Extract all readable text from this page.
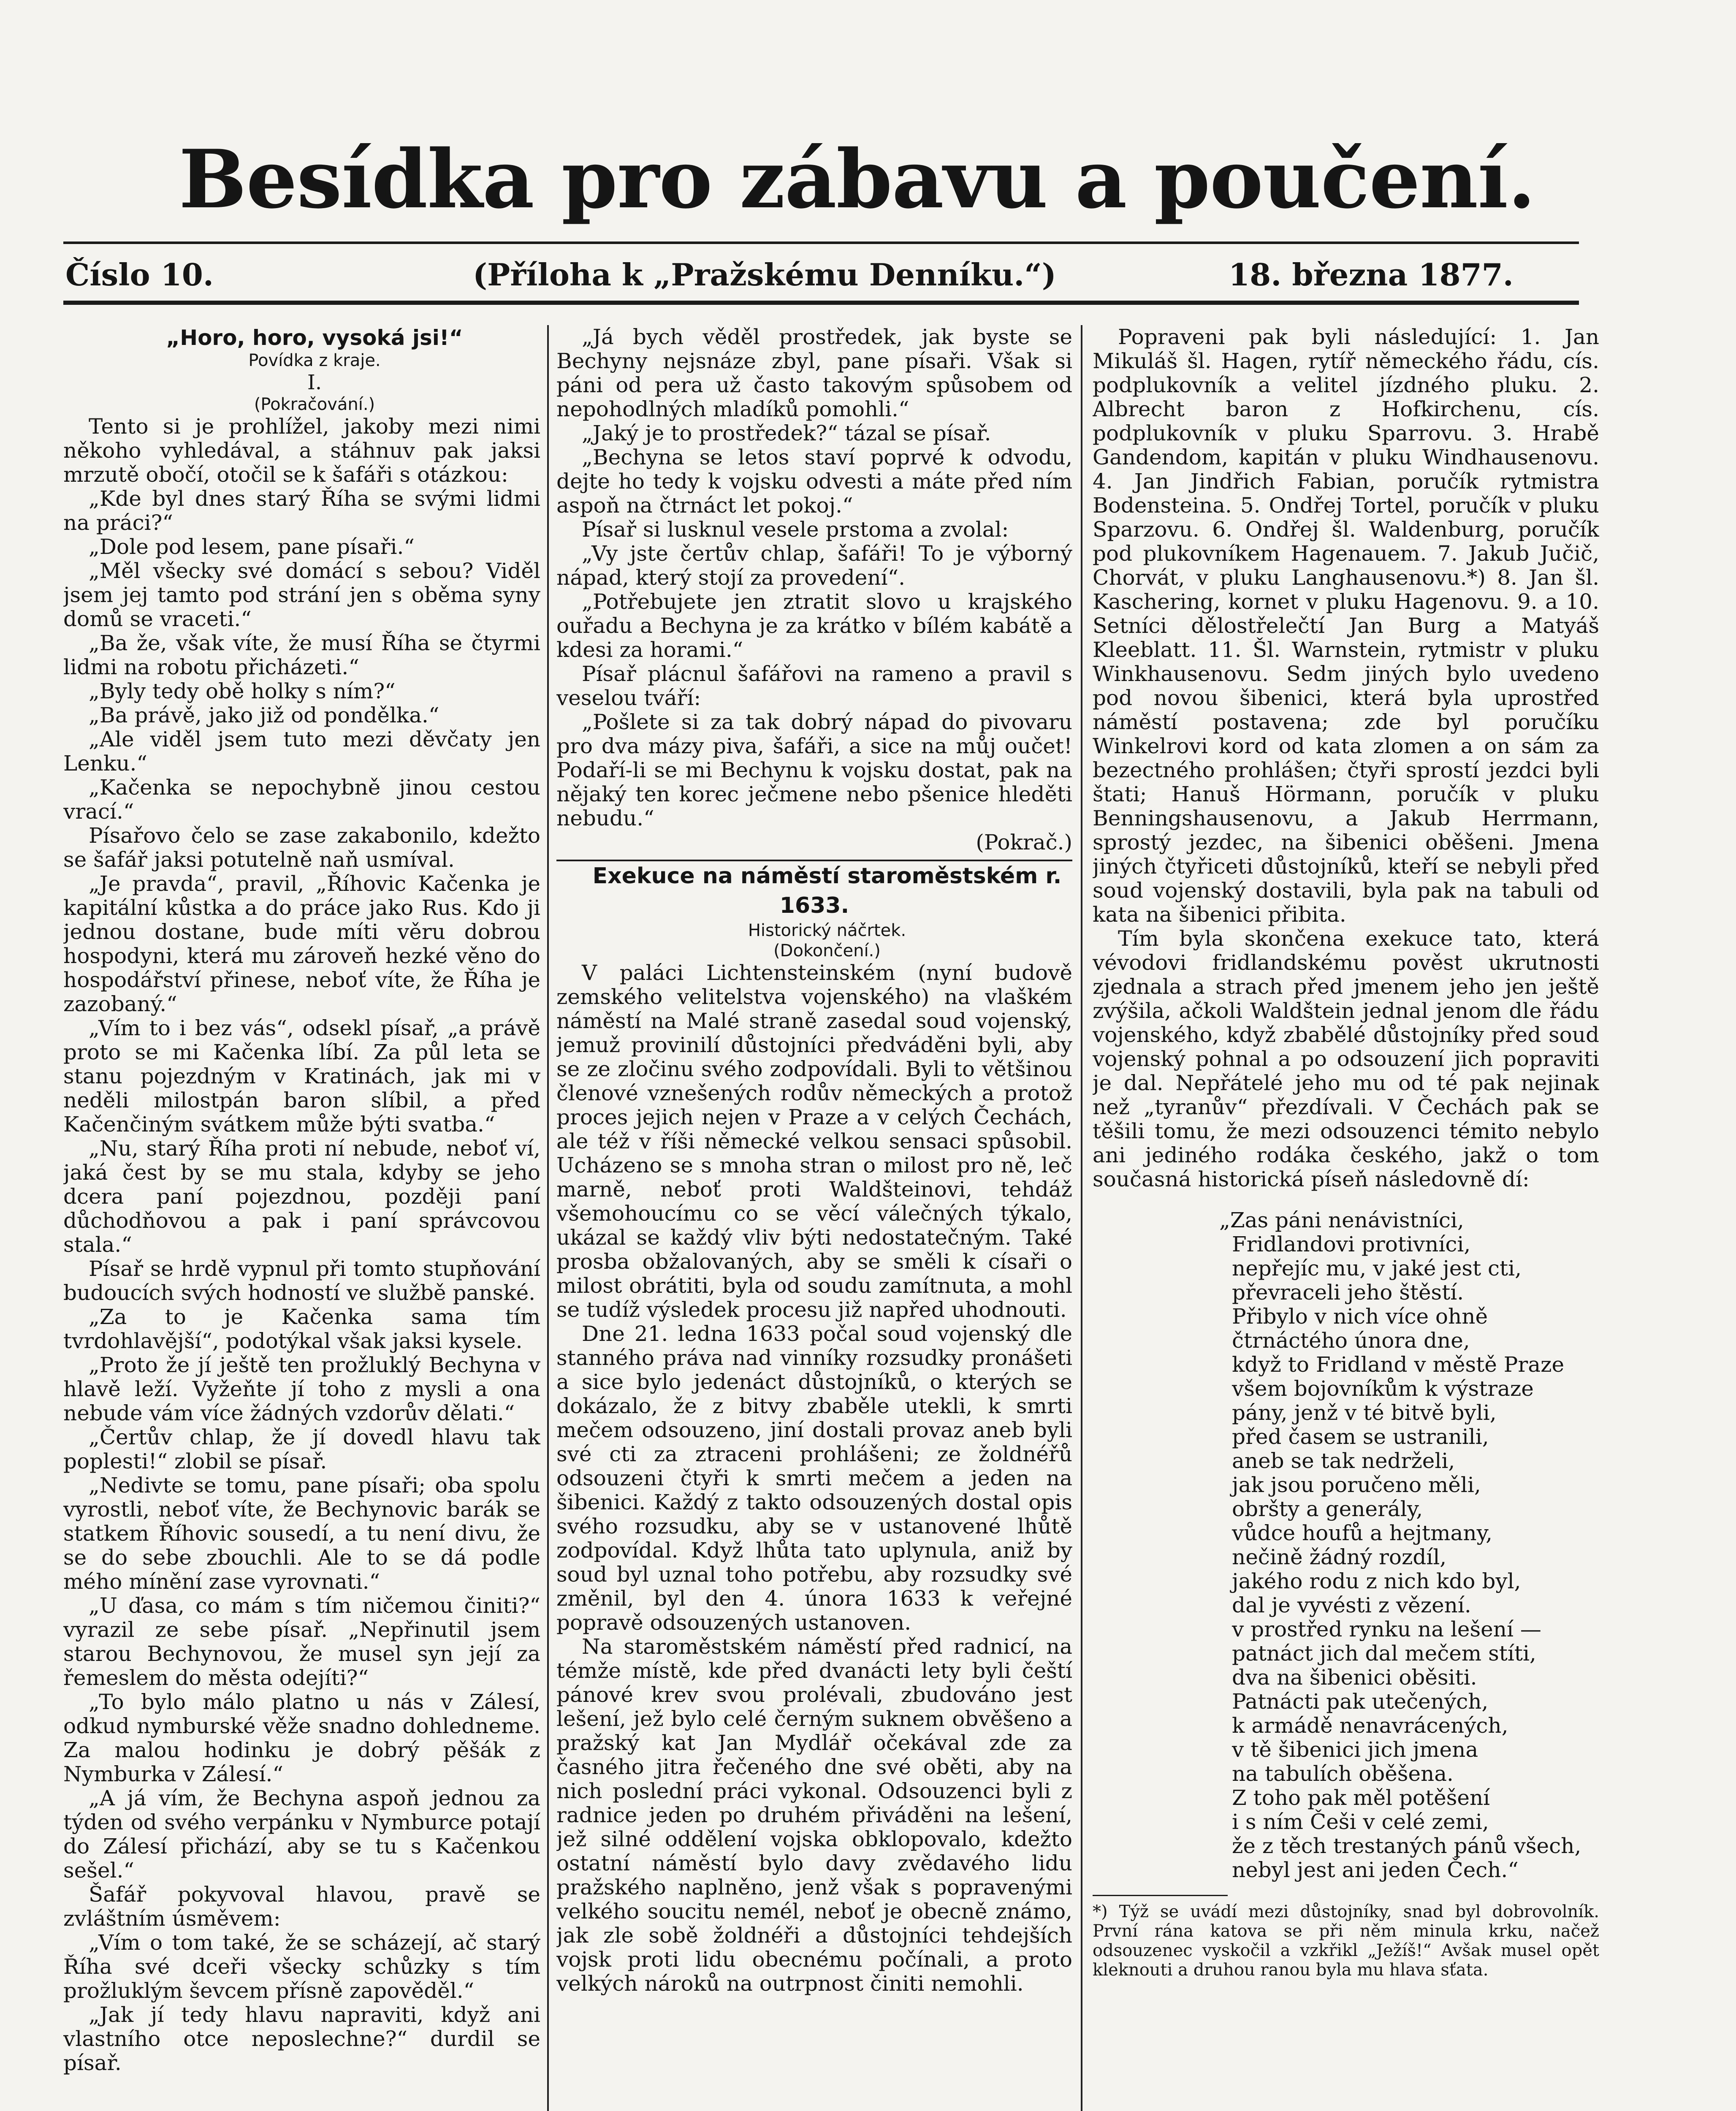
Besídka pro zábavu a poučení.
Číslo 10.	(Příloha k „Pražskému Denníku.“)	18. března 1877.

„Horo, horo, vysoká jsi!“

Povídka z kraje.

I.

(Pokračování.)

Tento si je prohlížel, jakoby mezi nimi někoho vyhledával, a stáhnuv pak jaksi mrzutě obočí, otočil se k šafáři s otázkou:

„Kde byl dnes starý Říha se svými lidmi na práci?“

„Dole pod lesem, pane písaři.“

„Měl všecky své domácí s sebou? Viděl jsem jej tamto pod strání jen s oběma syny domů se vraceti.“

„Ba že, však víte, že musí Říha se čtyrmi lidmi na robotu přicházeti.“

„Byly tedy obě holky s ním?“

„Ba právě, jako již od pondělka.“

„Ale viděl jsem tuto mezi děvčaty jen Lenku.“

„Kačenka se nepochybně jinou cestou vrací.“

Písařovo čelo se zase zakabonilo, kdežto se šafář jaksi potutelně naň usmíval.

„Je pravda“, pravil, „Říhovic Kačenka je kapitální kůstka a do práce jako Rus. Kdo ji jednou dostane, bude míti věru dobrou hospodyni, která mu zároveň hezké věno do hospodářství přinese, neboť víte, že Říha je zazobaný.“

„Vím to i bez vás“, odsekl písař, „a právě proto se mi Kačenka líbí. Za půl leta se stanu pojezdným v Kratinách, jak mi v neděli milostpán baron slíbil, a před Kačenčiným svátkem může býti svatba.“

„Nu, starý Říha proti ní nebude, neboť ví, jaká čest by se mu stala, kdyby se jeho dcera paní pojezdnou, později paní důchodňovou a pak i paní správcovou stala.“

Písař se hrdě vypnul při tomto stupňování budoucích svých hodností ve službě panské.

„Za to je Kačenka sama tím tvrdohlavější“, podotýkal však jaksi kysele.

„Proto že jí ještě ten prožluklý Bechyna v hlavě leží. Vyžeňte jí toho z mysli a ona nebude vám více žádných vzdorův dělati.“

„Čertův chlap, že jí dovedl hlavu tak poplesti!“ zlobil se písař.

„Nedivte se tomu, pane písaři; oba spolu vyrostli, neboť víte, že Bechynovic barák se statkem Říhovic sousedí, a tu není divu, že se do sebe zbouchli. Ale to se dá podle mého mínění zase vyrovnati.“

„U ďasa, co mám s tím ničemou činiti?“ vyrazil ze sebe písař. „Nepřinutil jsem starou Bechynovou, že musel syn její za řemeslem do města odejíti?“

„To bylo málo platno u nás v Zálesí, odkud nymburské věže snadno dohledneme. Za malou hodinku je dobrý pěšák z Nymburka v Zálesí.“

„A já vím, že Bechyna aspoň jednou za týden od svého verpánku v Nymburce potají do Zálesí přichází, aby se tu s Kačenkou sešel.“

Šafář pokyvoval hlavou, pravě se zvláštním úsměvem:

„Vím o tom také, že se scházejí, ač starý Říha své dceři všecky schůzky s tím prožluklým ševcem přísně zapověděl.“

„Jak jí tedy hlavu napraviti, když ani vlastního otce neposlechne?“ durdil se písař.

„Já bych věděl prostředek, jak byste se Bechyny nejsnáze zbyl, pane písaři. Však si páni od pera už často takovým spůsobem od nepohodlných mladíků pomohli.“

„Jaký je to prostředek?“ tázal se písař.

„Bechyna se letos staví poprvé k odvodu, dejte ho tedy k vojsku odvesti a máte před ním aspoň na čtrnáct let pokoj.“

Písař si lusknul vesele prstoma a zvolal:

„Vy jste čertův chlap, šafáři! To je výborný nápad, který stojí za provedení“.

„Potřebujete jen ztratit slovo u krajského ouřadu a Bechyna je za krátko v bílém kabátě a kdesi za horami.“

Písař plácnul šafářovi na rameno a pravil s veselou tváří:

„Pošlete si za tak dobrý nápad do pivovaru pro dva mázy piva, šafáři, a sice na můj oučet! Podaří-li se mi Bechynu k vojsku dostat, pak na nějaký ten korec ječmene nebo pšenice hleděti nebudu.“

(Pokrač.)

Exekuce na náměstí staroměstském r. 1633.

Historický náčrtek.

(Dokončení.)

V paláci Lichtensteinském (nyní budově zemského velitelstva vojenského) na vlaškém náměstí na Malé straně zasedal soud vojenský, jemuž provinilí důstojníci předváděni byli, aby se ze zločinu svého zodpovídali. Byli to většinou členové vznešených rodův německých a protož proces jejich nejen v Praze a v celých Čechách, ale též v říši německé velkou sensaci spůsobil. Ucházeno se s mnoha stran o milost pro ně, leč marně, neboť proti Waldšteinovi, tehdáž všemohoucímu co se věcí válečných týkalo, ukázal se každý vliv býti nedostatečným. Také prosba obžalovaných, aby se směli k císaři o milost obrátiti, byla od soudu zamítnuta, a mohl se tudíž výsledek procesu již napřed uhodnouti.

Dne 21. ledna 1633 počal soud vojenský dle stanného práva nad vinníky rozsudky pronášeti a sice bylo jedenáct důstojníků, o kterých se dokázalo, že z bitvy zbaběle utekli, k smrti mečem odsouzeno, jiní dostali provaz aneb byli své cti za ztraceni prohlášeni; ze žoldnéřů odsouzeni čtyři k smrti mečem a jeden na šibenici. Každý z takto odsouzených dostal opis svého rozsudku, aby se v ustanovené lhůtě zodpovídal. Když lhůta tato uplynula, aniž by soud byl uznal toho potřebu, aby rozsudky své změnil, byl den 4. února 1633 k veřejné popravě odsouzených ustanoven.

Na staroměstském náměstí před radnicí, na témže místě, kde před dvanácti lety byli čeští pánové krev svou prolévali, zbudováno jest lešení, jež bylo celé černým suknem obvěšeno a pražský kat Jan Mydlář očekával zde za časného jitra řečeného dne své oběti, aby na nich poslední práci vykonal. Odsouzenci byli z radnice jeden po druhém přiváděni na lešení, jež silné oddělení vojska obklopovalo, kdežto ostatní náměstí bylo davy zvědavého lidu pražského naplněno, jenž však s popravenými velkého soucitu nemél, neboť je obecně známo, jak zle sobě žoldnéři a důstojníci tehdejších vojsk proti lidu obecnému počínali, a proto velkých nároků na outrpnost činiti nemohli.

Popraveni pak byli následující: 1. Jan Mikuláš šl. Hagen, rytíř německého řádu, cís. podplukovník a velitel jízdného pluku. 2. Albrecht baron z Hofkirchenu, cís. podplukovník v pluku Sparrovu. 3. Hrabě Gandendom, kapitán v pluku Windhausenovu. 4. Jan Jindřich Fabian, poručík rytmistra Bodensteina. 5. Ondřej Tortel, poručík v pluku Sparzovu. 6. Ondřej šl. Waldenburg, poručík pod plukovníkem Hagenauem. 7. Jakub Jučič, Chorvát, v pluku Langhausenovu.*) 8. Jan šl. Kaschering, kornet v pluku Hagenovu. 9. a 10. Setníci dělostřelečtí Jan Burg a Matyáš Kleeblatt. 11. Šl. Warnstein, rytmistr v pluku Winkhausenovu. Sedm jiných bylo uvedeno pod novou šibenici, která byla uprostřed náměstí postavena; zde byl poručíku Winkelrovi kord od kata zlomen a on sám za bezectného prohlášen; čtyři sprostí jezdci byli štati; Hanuš Hörmann, poručík v pluku Benningshausenovu, a Jakub Herrmann, sprostý jezdec, na šibenici oběšeni. Jmena jiných čtyřiceti důstojníků, kteří se nebyli před soud vojenský dostavili, byla pak na tabuli od kata na šibenici přibita.

Tím byla skončena exekuce tato, která vévodovi fridlandskému pověst ukrutnosti zjednala a strach před jmenem jeho jen ještě zvýšila, ačkoli Waldštein jednal jenom dle řádu vojenského, když zbabělé důstojníky před soud vojenský pohnal a po odsouzení jich popraviti je dal. Nepřátelé jeho mu od té pak nejinak než „tyranův“ přezdívali. V Čechách pak se těšili tomu, že mezi odsouzenci témito nebylo ani jediného rodáka českého, jakž o tom současná historická píseň následovně dí:

„Zas páni nenávistníci,
Fridlandovi protivníci,
nepřejíc mu, v jaké jest cti,
převraceli jeho štěstí.
Přibylo v nich více ohně
čtrnáctého února dne,
když to Fridland v městě Praze
všem bojovníkům k výstraze
pány, jenž v té bitvě byli,
před časem se ustranili,
aneb se tak nedrželi,
jak jsou poručeno měli,
obršty a generály,
vůdce houfů a hejtmany,
nečině žádný rozdíl,
jakého rodu z nich kdo byl,
dal je vyvésti z vězení.
v prostřed rynku na lešení —
patnáct jich dal mečem stíti,
dva na šibenici oběsiti.
Patnácti pak utečených,
k armádě nenavrácených,
v tě šibenici jich jmena
na tabulích oběšena.
Z toho pak měl potěšení
i s ním Češi v celé zemi,
že z těch trestaných pánů všech,
nebyl jest ani jeden Čech.“

*) Týž se uvádí mezi důstojníky, snad byl dobrovolník. První rána katova se při něm minula krku, načež odsouzenec vyskočil a vzkřikl „Ježíš!“ Avšak musel opět kleknouti a druhou ranou byla mu hlava sťata.
